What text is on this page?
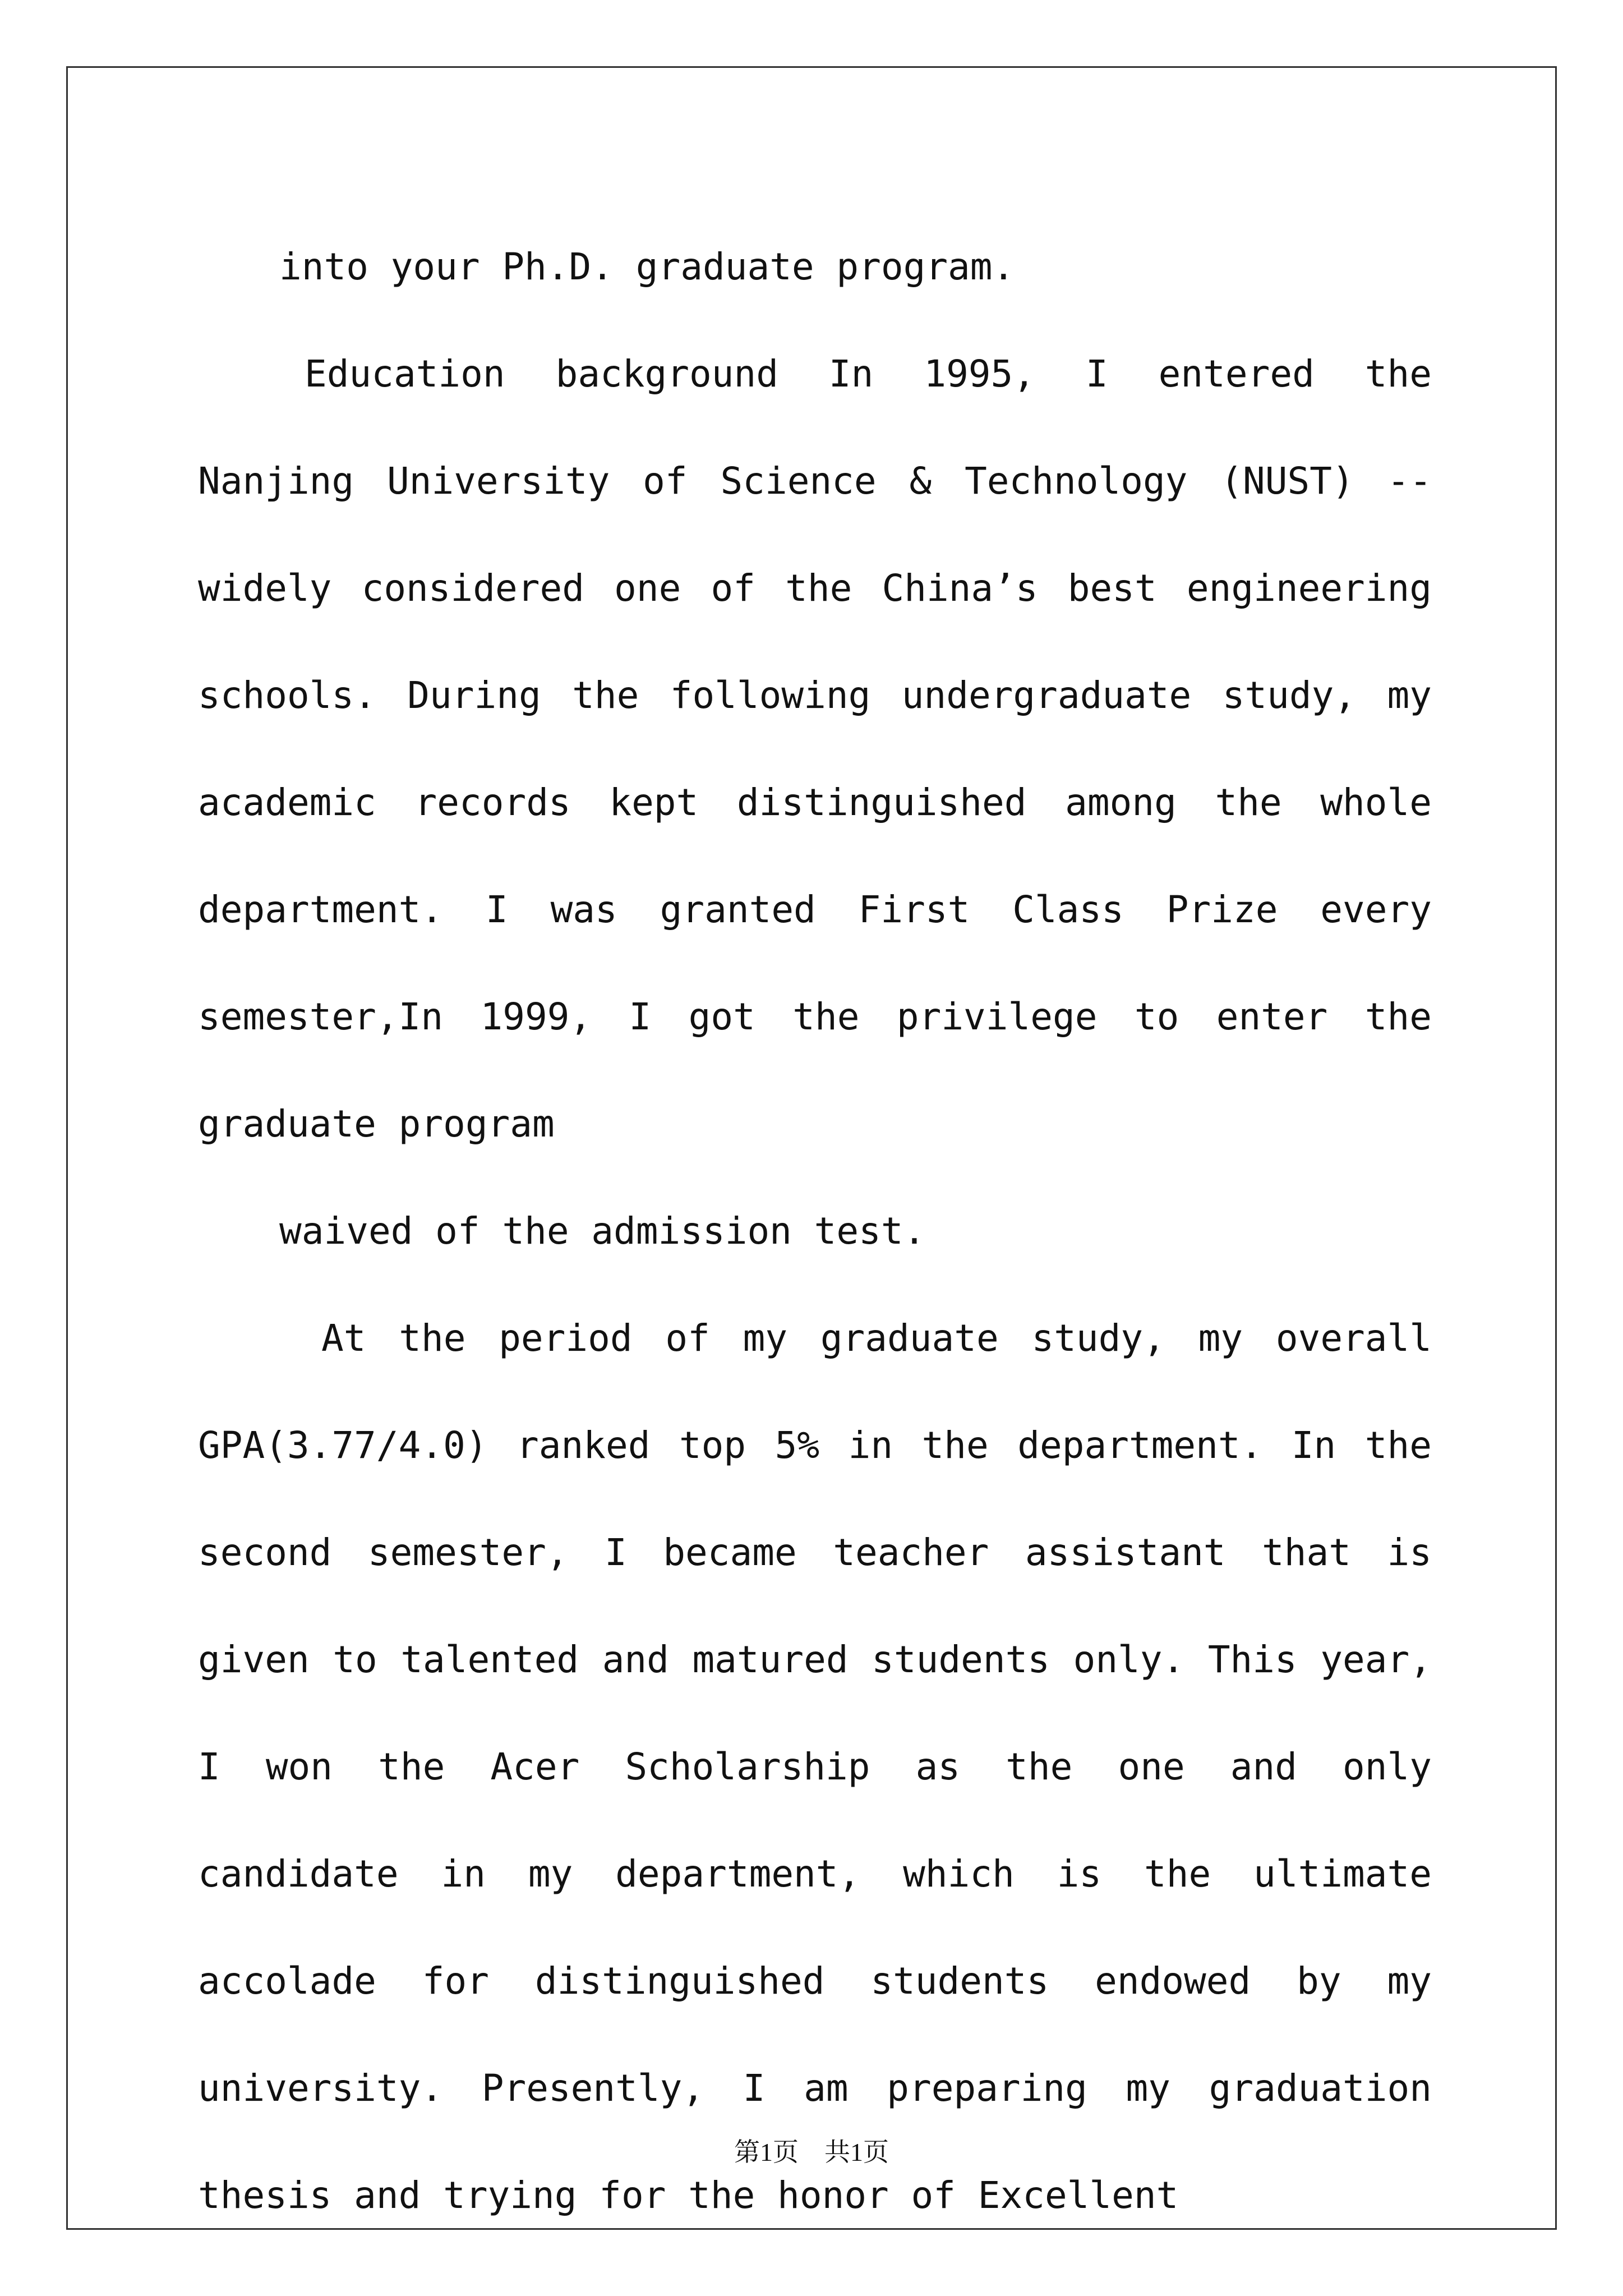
into your Ph.D. graduate program.

Education background In 1995, I entered the Nanjing University of Science & Technology (NUST) -- widely considered one of the China’s best engineering schools. During the following undergraduate study, my academic records kept distinguished among the whole department. I was granted First Class Prize every semester,In 1999, I got the privilege to enter the graduate program

waived of the admission test.

At the period of my graduate study, my overall GPA(3.77/4.0) ranked top 5% in the department. In the second semester, I became teacher assistant that is given to talented and matured students only. This year, I won the Acer Scholarship as the one and only candidate in my department, which is the ultimate accolade for distinguished students endowed by my university. Presently, I am preparing my graduation thesis and trying for the honor of Excellent

第1页　共1页
